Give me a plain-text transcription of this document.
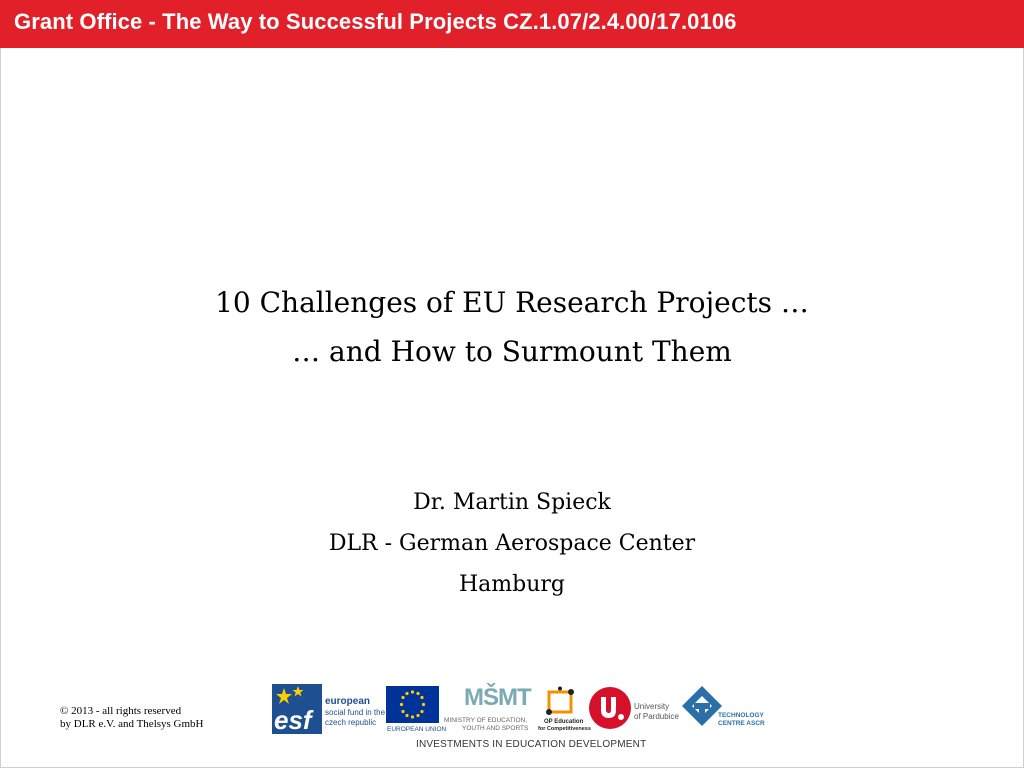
Grant Office - The Way to Successful Projects CZ.1.07/2.4.00/17.0106
10 Challenges of EU Research Projects …
… and How to Surmount Them
Dr. Martin Spieck
DLR - German Aerospace Center
Hamburg
© 2013 - all rights reserved
by DLR e.V. and Thelsys GmbH	esf
european
social fund in the
czech republic
EUROPEAN UNION
MŠMT
MINISTRY OF EDUCATION,
YOUTH AND SPORTS
OP Education
for Competitiveness
University
of Pardubice	TECHNOLOGY
CENTRE ASCR
INVESTMENTS IN EDUCATION DEVELOPMENT
